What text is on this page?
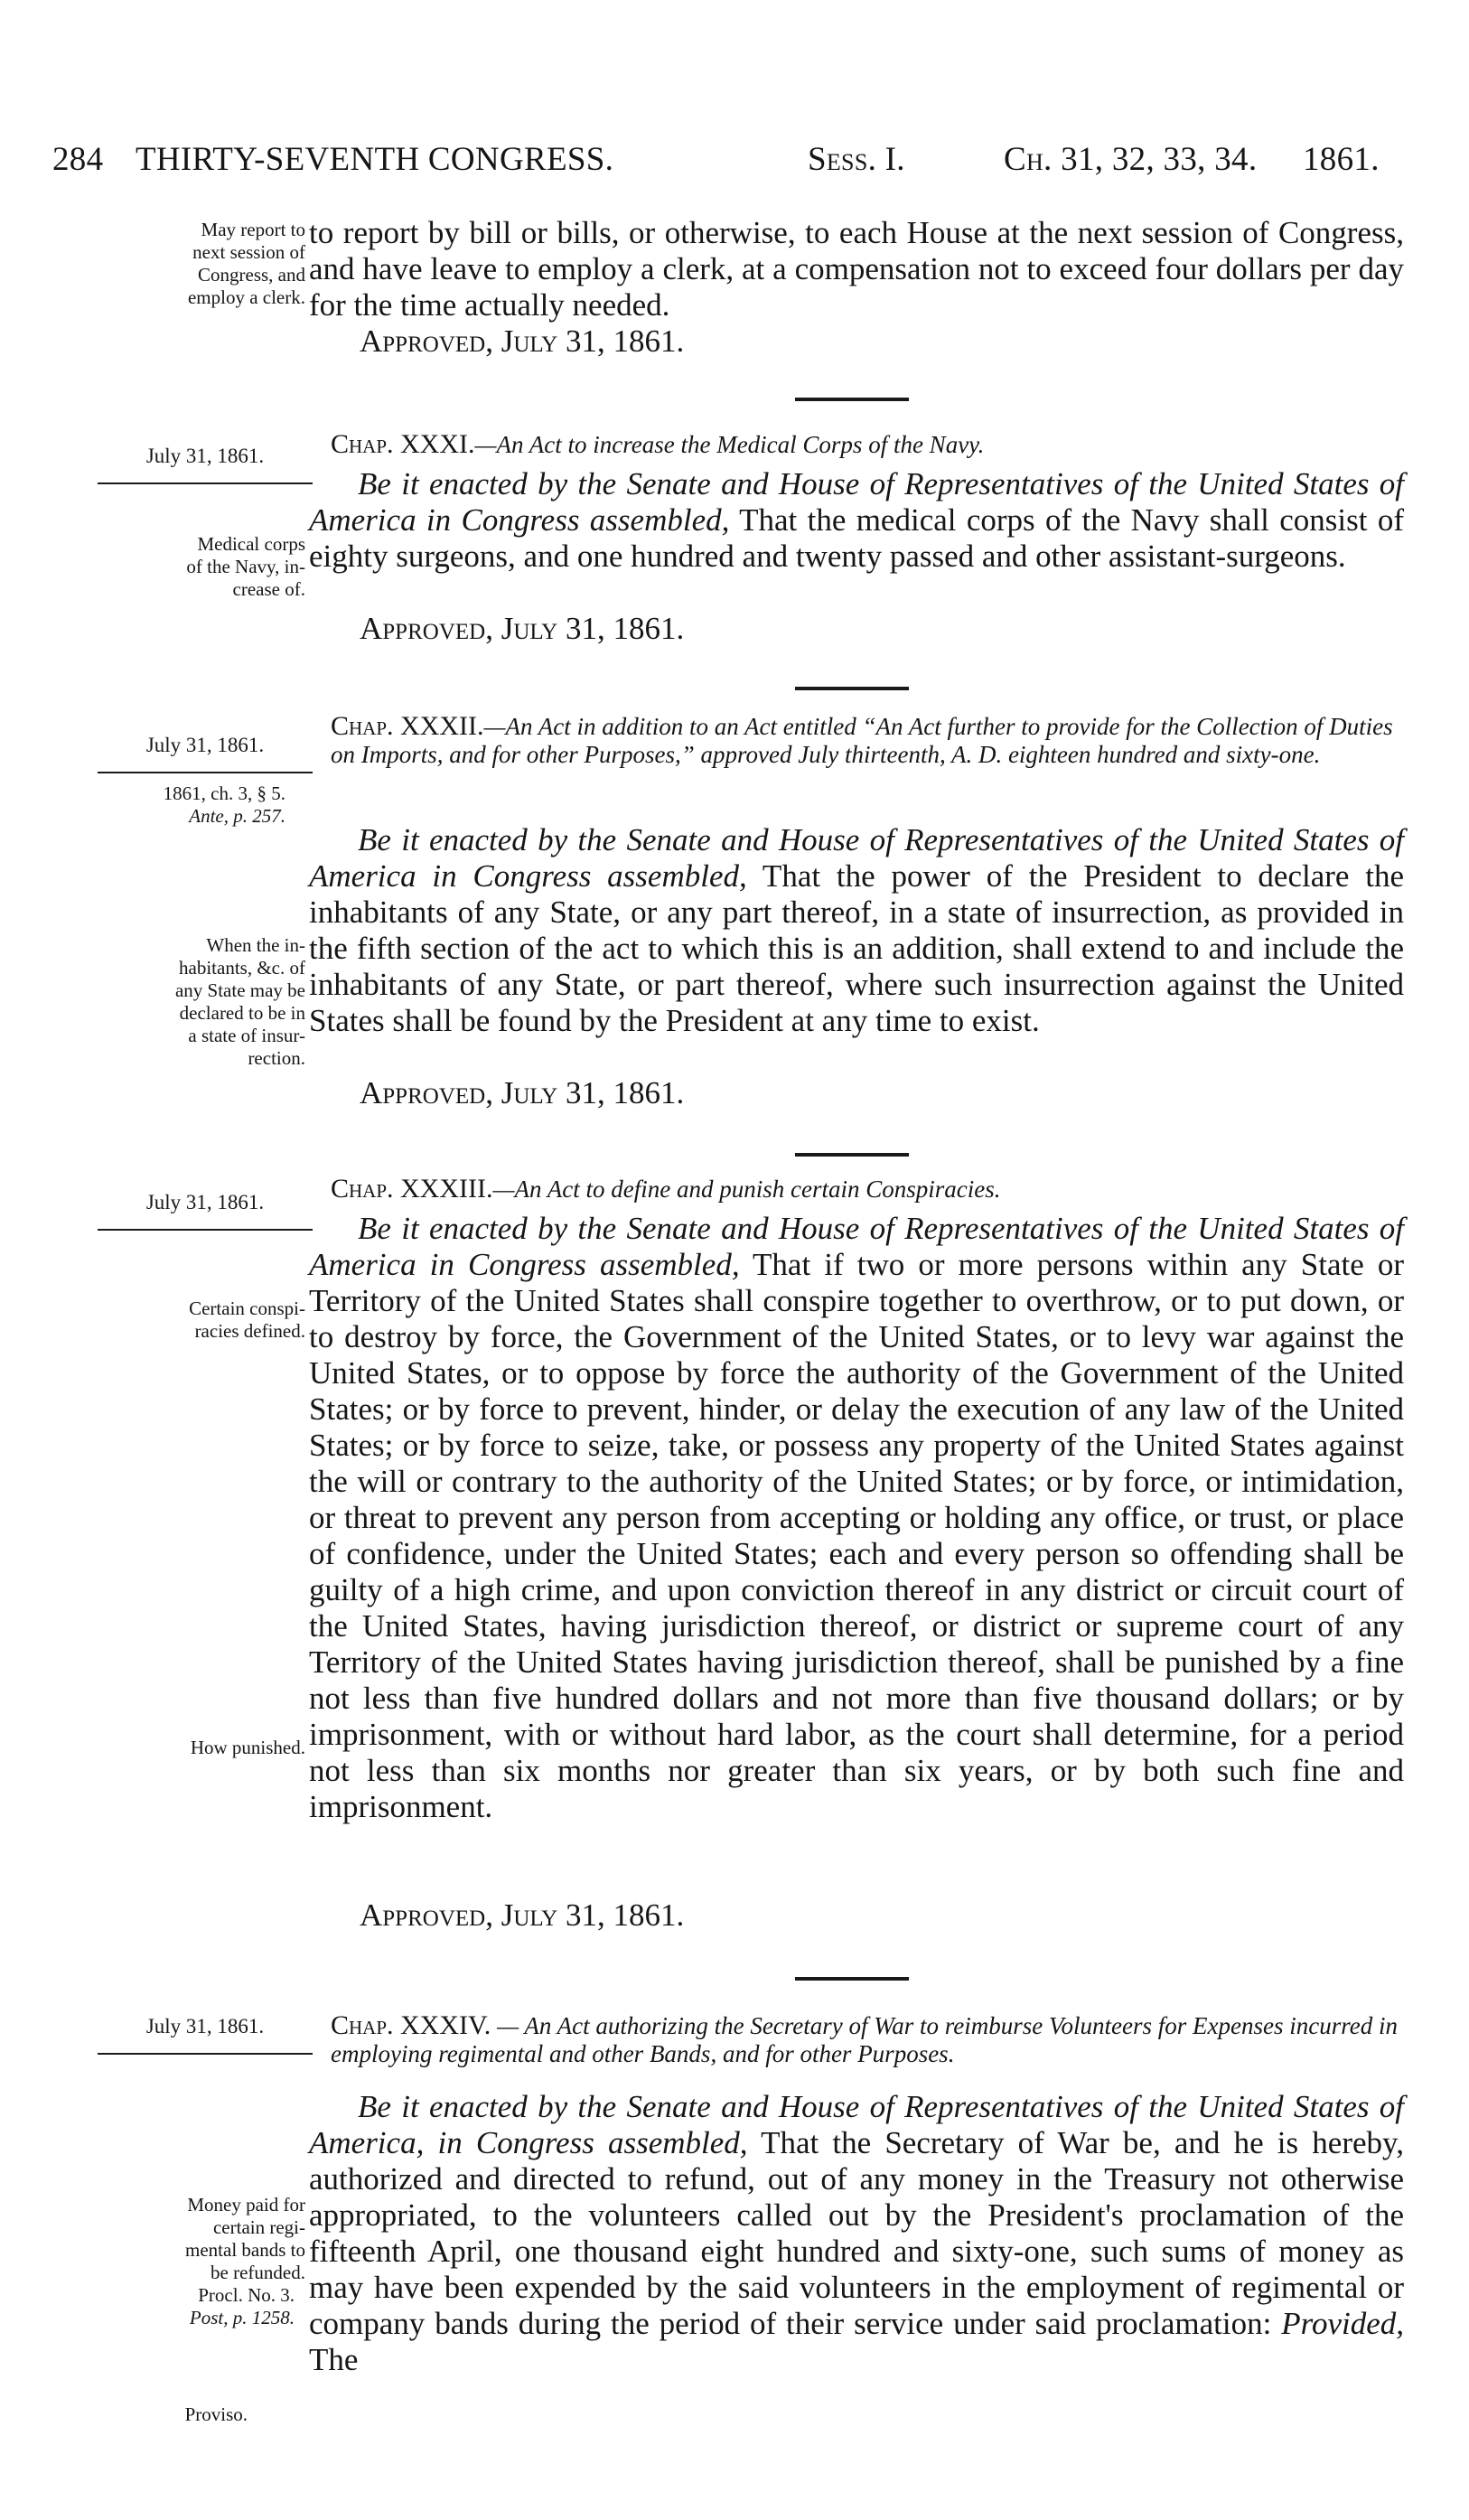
284 THIRTY-SEVENTH CONGRESS.	Sess. I.	Ch. 31, 32, 33, 34. 1861.
May report to
next session of
Congress, and
employ a clerk.
to report by bill or bills, or otherwise, to each House at the next session of Congress, and have leave to employ a clerk, at a compensation not to exceed four dollars per day for the time actually needed.
Approved, July 31, 1861.
July 31, 1861.	Chap. XXXI.—An Act to increase the Medical Corps of the Navy.
Medical corps
of the Navy, in-
crease of.
Be it enacted by the Senate and House of Representatives of the United States of America in Congress assembled, That the medical corps of the Navy shall consist of eighty surgeons, and one hundred and twenty passed and other assistant-surgeons.
Approved, July 31, 1861.
July 31, 1861.
1861, ch. 3, § 5.
Ante, p. 257.
Chap. XXXII.—An Act in addition to an Act entitled “An Act further to provide for the Collection of Duties on Imports, and for other Purposes,” approved July thirteenth, A. D. eighteen hundred and sixty-one.
When the in-
habitants, &c. of
any State may be
declared to be in
a state of insur-
rection.
Be it enacted by the Senate and House of Representatives of the United States of America in Congress assembled, That the power of the President to declare the inhabitants of any State, or any part thereof, in a state of insurrection, as provided in the fifth section of the act to which this is an addition, shall extend to and include the inhabitants of any State, or part thereof, where such insurrection against the United States shall be found by the President at any time to exist.
Approved, July 31, 1861.
July 31, 1861.	Chap. XXXIII.—An Act to define and punish certain Conspiracies.
Certain conspi-
racies defined.
How punished.
Be it enacted by the Senate and House of Representatives of the United States of America in Congress assembled, That if two or more persons within any State or Territory of the United States shall conspire together to overthrow, or to put down, or to destroy by force, the Government of the United States, or to levy war against the United States, or to oppose by force the authority of the Government of the United States; or by force to prevent, hinder, or delay the execution of any law of the United States; or by force to seize, take, or possess any property of the United States against the will or contrary to the authority of the United States; or by force, or intimidation, or threat to prevent any person from accepting or holding any office, or trust, or place of confidence, under the United States; each and every person so offending shall be guilty of a high crime, and upon conviction thereof in any district or circuit court of the United States, having jurisdiction thereof, or district or supreme court of any Territory of the United States having jurisdiction thereof, shall be punished by a fine not less than five hundred dollars and not more than five thousand dollars; or by imprisonment, with or without hard labor, as the court shall determine, for a period not less than six months nor greater than six years, or by both such fine and imprisonment.
Approved, July 31, 1861.
July 31, 1861.	Chap. XXXIV. — An Act authorizing the Secretary of War to reimburse Volunteers for Expenses incurred in employing regimental and other Bands, and for other Purposes.
Money paid for
certain regi-
mental bands to
be refunded.
Procl. No. 3.
Post, p. 1258.
Proviso.
Be it enacted by the Senate and House of Representatives of the United States of America, in Congress assembled, That the Secretary of War be, and he is hereby, authorized and directed to refund, out of any money in the Treasury not otherwise appropriated, to the volunteers called out by the President's proclamation of the fifteenth April, one thousand eight hundred and sixty-one, such sums of money as may have been expended by the said volunteers in the employment of regimental or company bands during the period of their service under said proclamation: Provided, The
